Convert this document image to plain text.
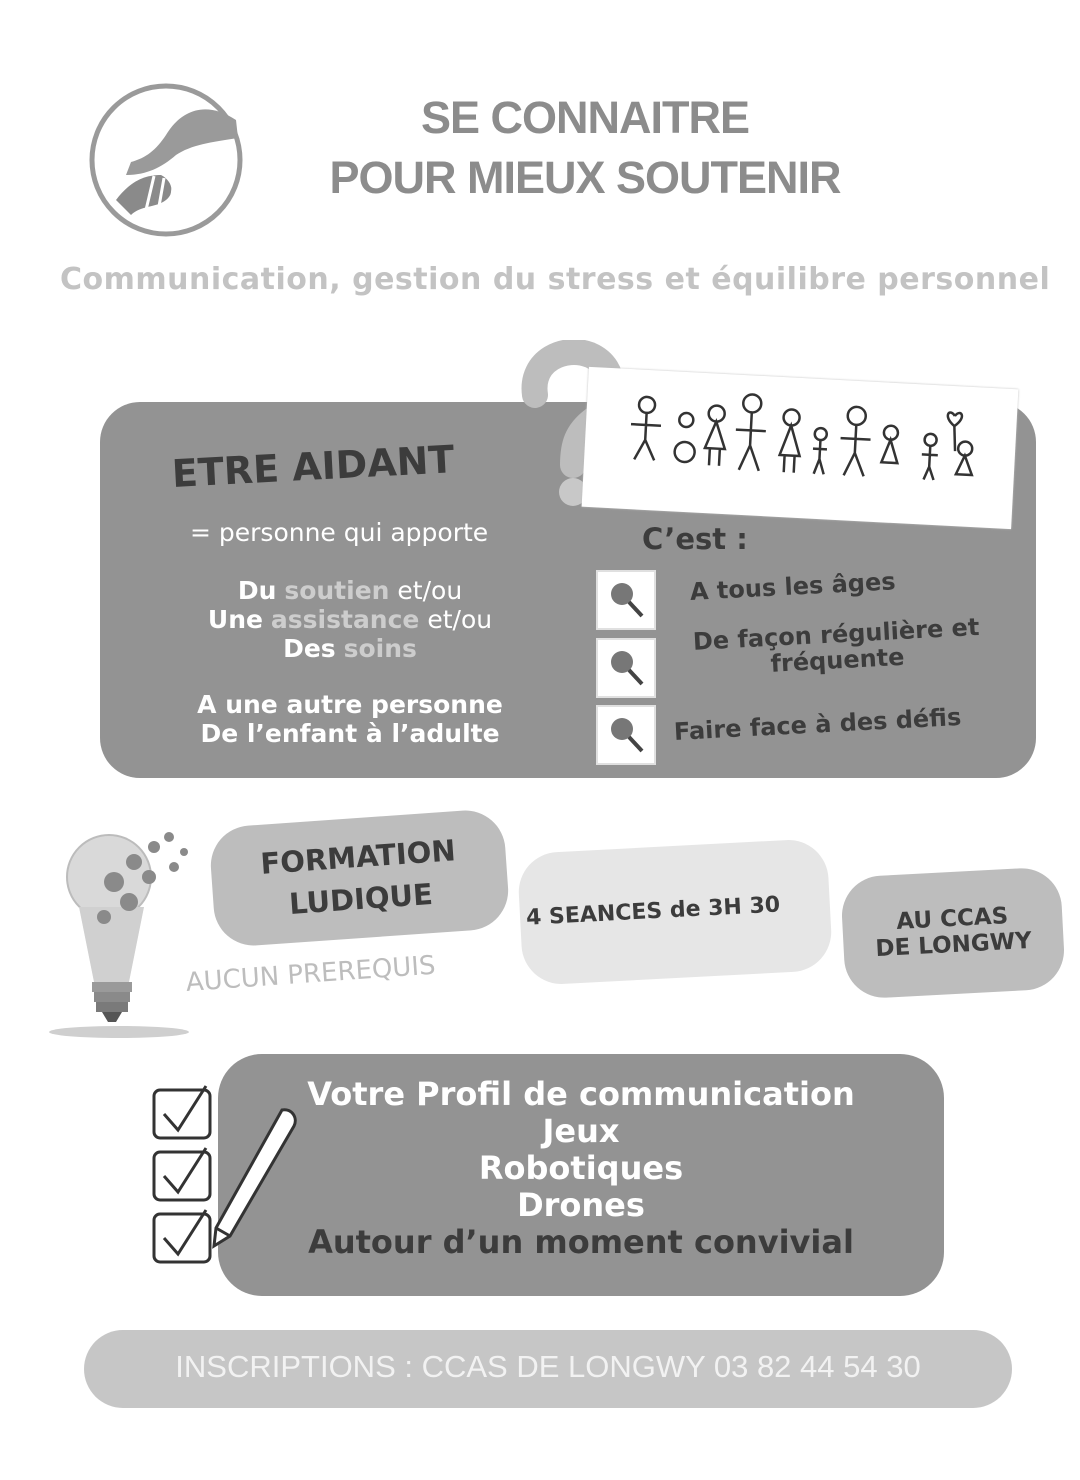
SE CONNAITRE
POUR MIEUX SOUTENIR
Communication, gestion du stress et équilibre personnel
ETRE AIDANT
= personne qui apporte
Du soutien et/ou
Une assistance et/ou
Des soins
A une autre personne
De l’enfant à l’adulte
C’est :
A tous les âges
De façon régulière et fréquente
Faire face à des défis
FORMATION
LUDIQUE	4 SEANCES de 3H 30	AU CCAS
DE LONGWY
AUCUN PREREQUIS
Votre Profil de communication
Jeux
Robotiques
Drones
Autour d’un moment convivial
INSCRIPTIONS : CCAS DE LONGWY 03 82 44 54 30
